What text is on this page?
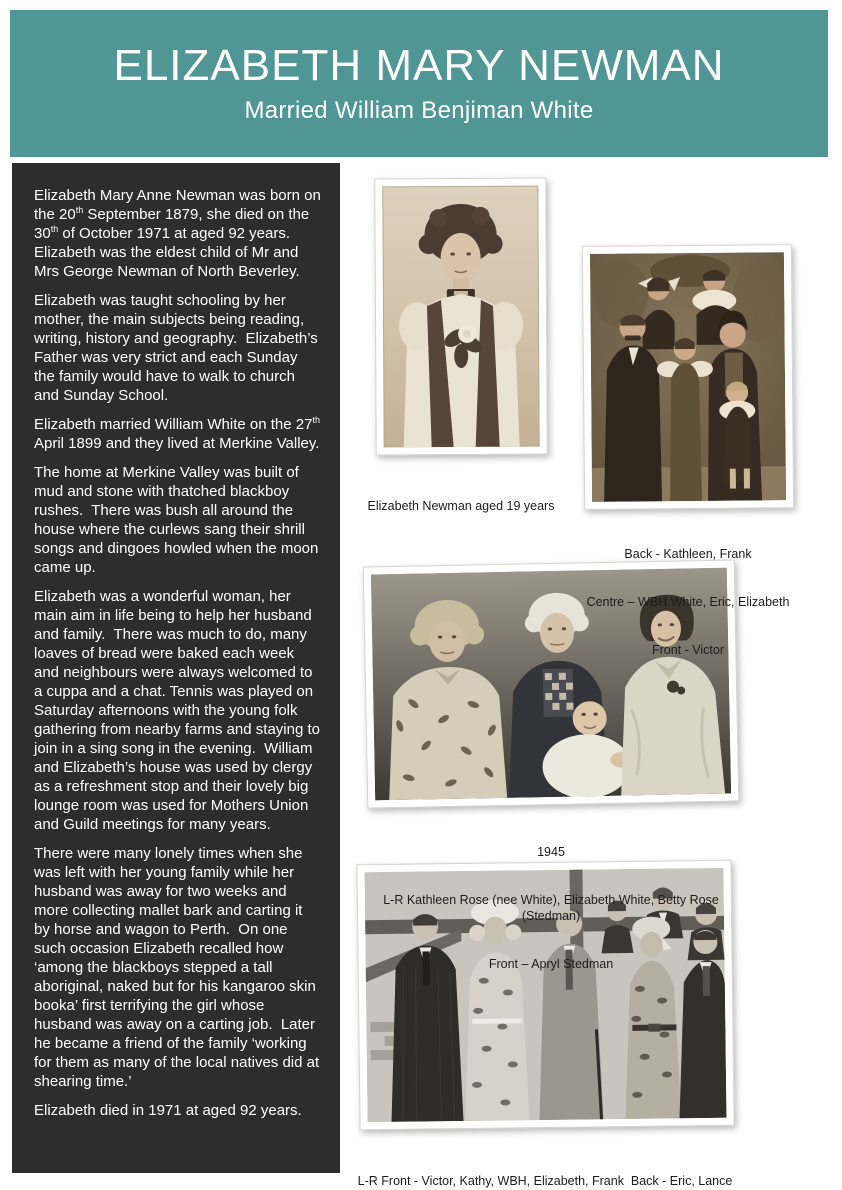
ELIZABETH MARY NEWMAN
Married William Benjiman White

Elizabeth Mary Anne Newman was born on the 20th September 1879, she died on the 30th of October 1971 at aged 92 years.  Elizabeth was the eldest child of Mr and Mrs George Newman of North Beverley.

Elizabeth was taught schooling by her mother, the main subjects being reading, writing, history and geography.  Elizabeth’s Father was very strict and each Sunday the family would have to walk to church and Sunday School.

Elizabeth married William White on the 27th April 1899 and they lived at Merkine Valley.

The home at Merkine Valley was built of mud and stone with thatched blackboy rushes.  There was bush all around the house where the curlews sang their shrill songs and dingoes howled when the moon came up.

Elizabeth was a wonderful woman, her main aim in life being to help her husband and family.  There was much to do, many loaves of bread were baked each week and neighbours were always welcomed to a cuppa and a chat. Tennis was played on Saturday afternoons with the young folk gathering from nearby farms and staying to join in a sing song in the evening.  William and Elizabeth’s house was used by clergy as a refreshment stop and their lovely big lounge room was used for Mothers Union and Guild meetings for many years.

There were many lonely times when she was left with her young family while her husband was away for two weeks and more collecting mallet bark and carting it by horse and wagon to Perth.  On one such occasion Elizabeth recalled how ‘among the blackboys stepped a tall aboriginal, naked but for his kangaroo skin booka’ first terrifying the girl whose husband was away on a carting job.  Later he became a friend of the family ‘working for them as many of the local natives did at shearing time.’

Elizabeth died in 1971 at aged 92 years.

Elizabeth Newman aged 19 years

Back - Kathleen, Frank

Centre – WBH White, Eric, Elizabeth

Front - Victor

1945

L-R Kathleen Rose (nee White), Elizabeth White, Betty Rose (Stedman)

Front – Apryl Stedman

L-R Front - Victor, Kathy, WBH, Elizabeth, Frank  Back - Eric, Lance
